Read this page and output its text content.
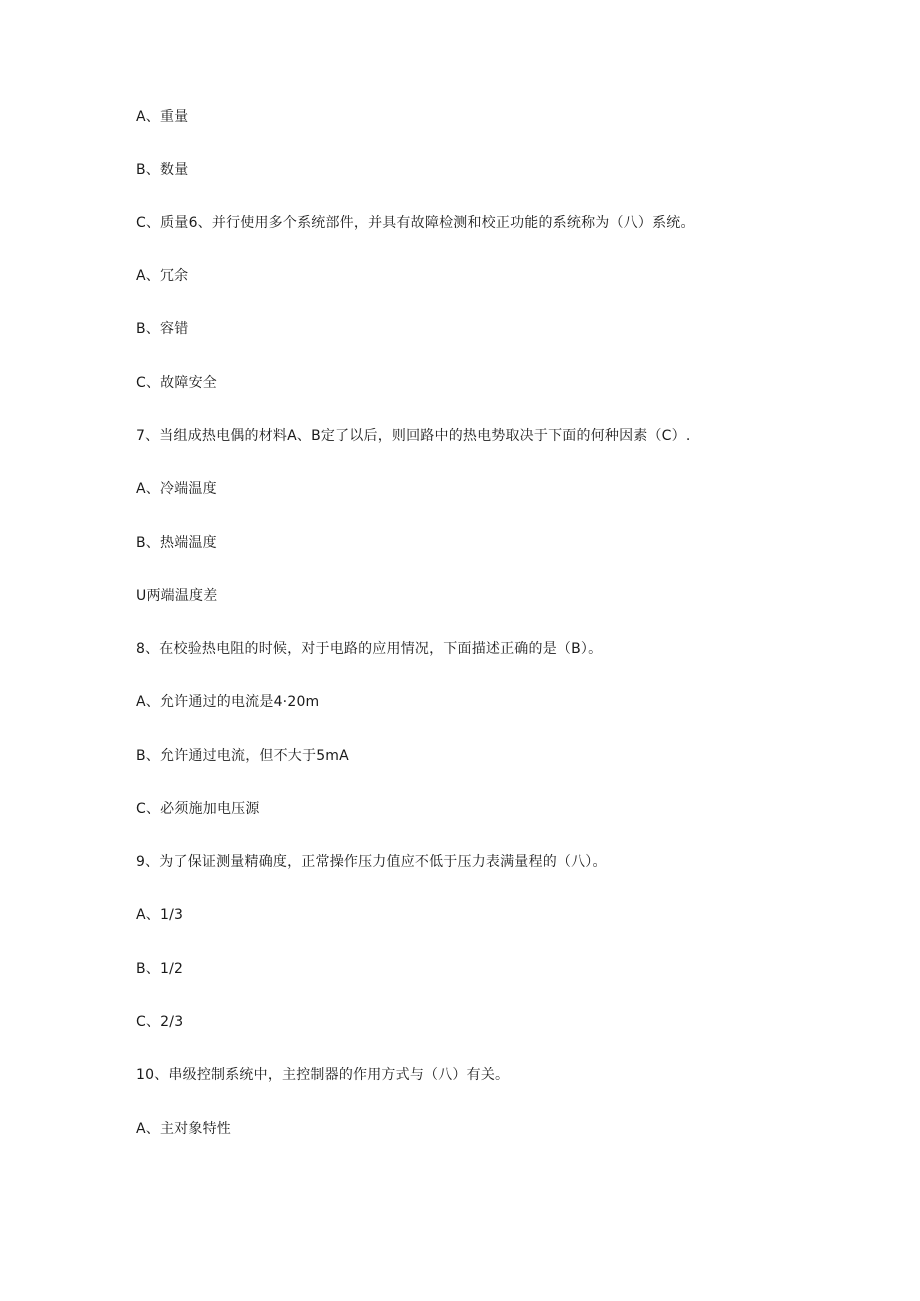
A、重量
B、数量
C、质量6、并行使用多个系统部件，并具有故障检测和校正功能的系统称为（八）系统。
A、冗余
B、容错
C、故障安全
7、当组成热电偶的材料A、B定了以后，则回路中的热电势取决于下面的何种因素（C）.
A、冷端温度
B、热端温度
U两端温度差
8、在校验热电阻的时候，对于电路的应用情况，下面描述正确的是（B）。
A、允许通过的电流是4·20m
B、允许通过电流，但不大于5mA
C、必须施加电压源
9、为了保证测量精确度，正常操作压力值应不低于压力表满量程的（八）。
A、1/3
B、1/2
C、2/3
10、串级控制系统中，主控制器的作用方式与（八）有关。
A、主对象特性
